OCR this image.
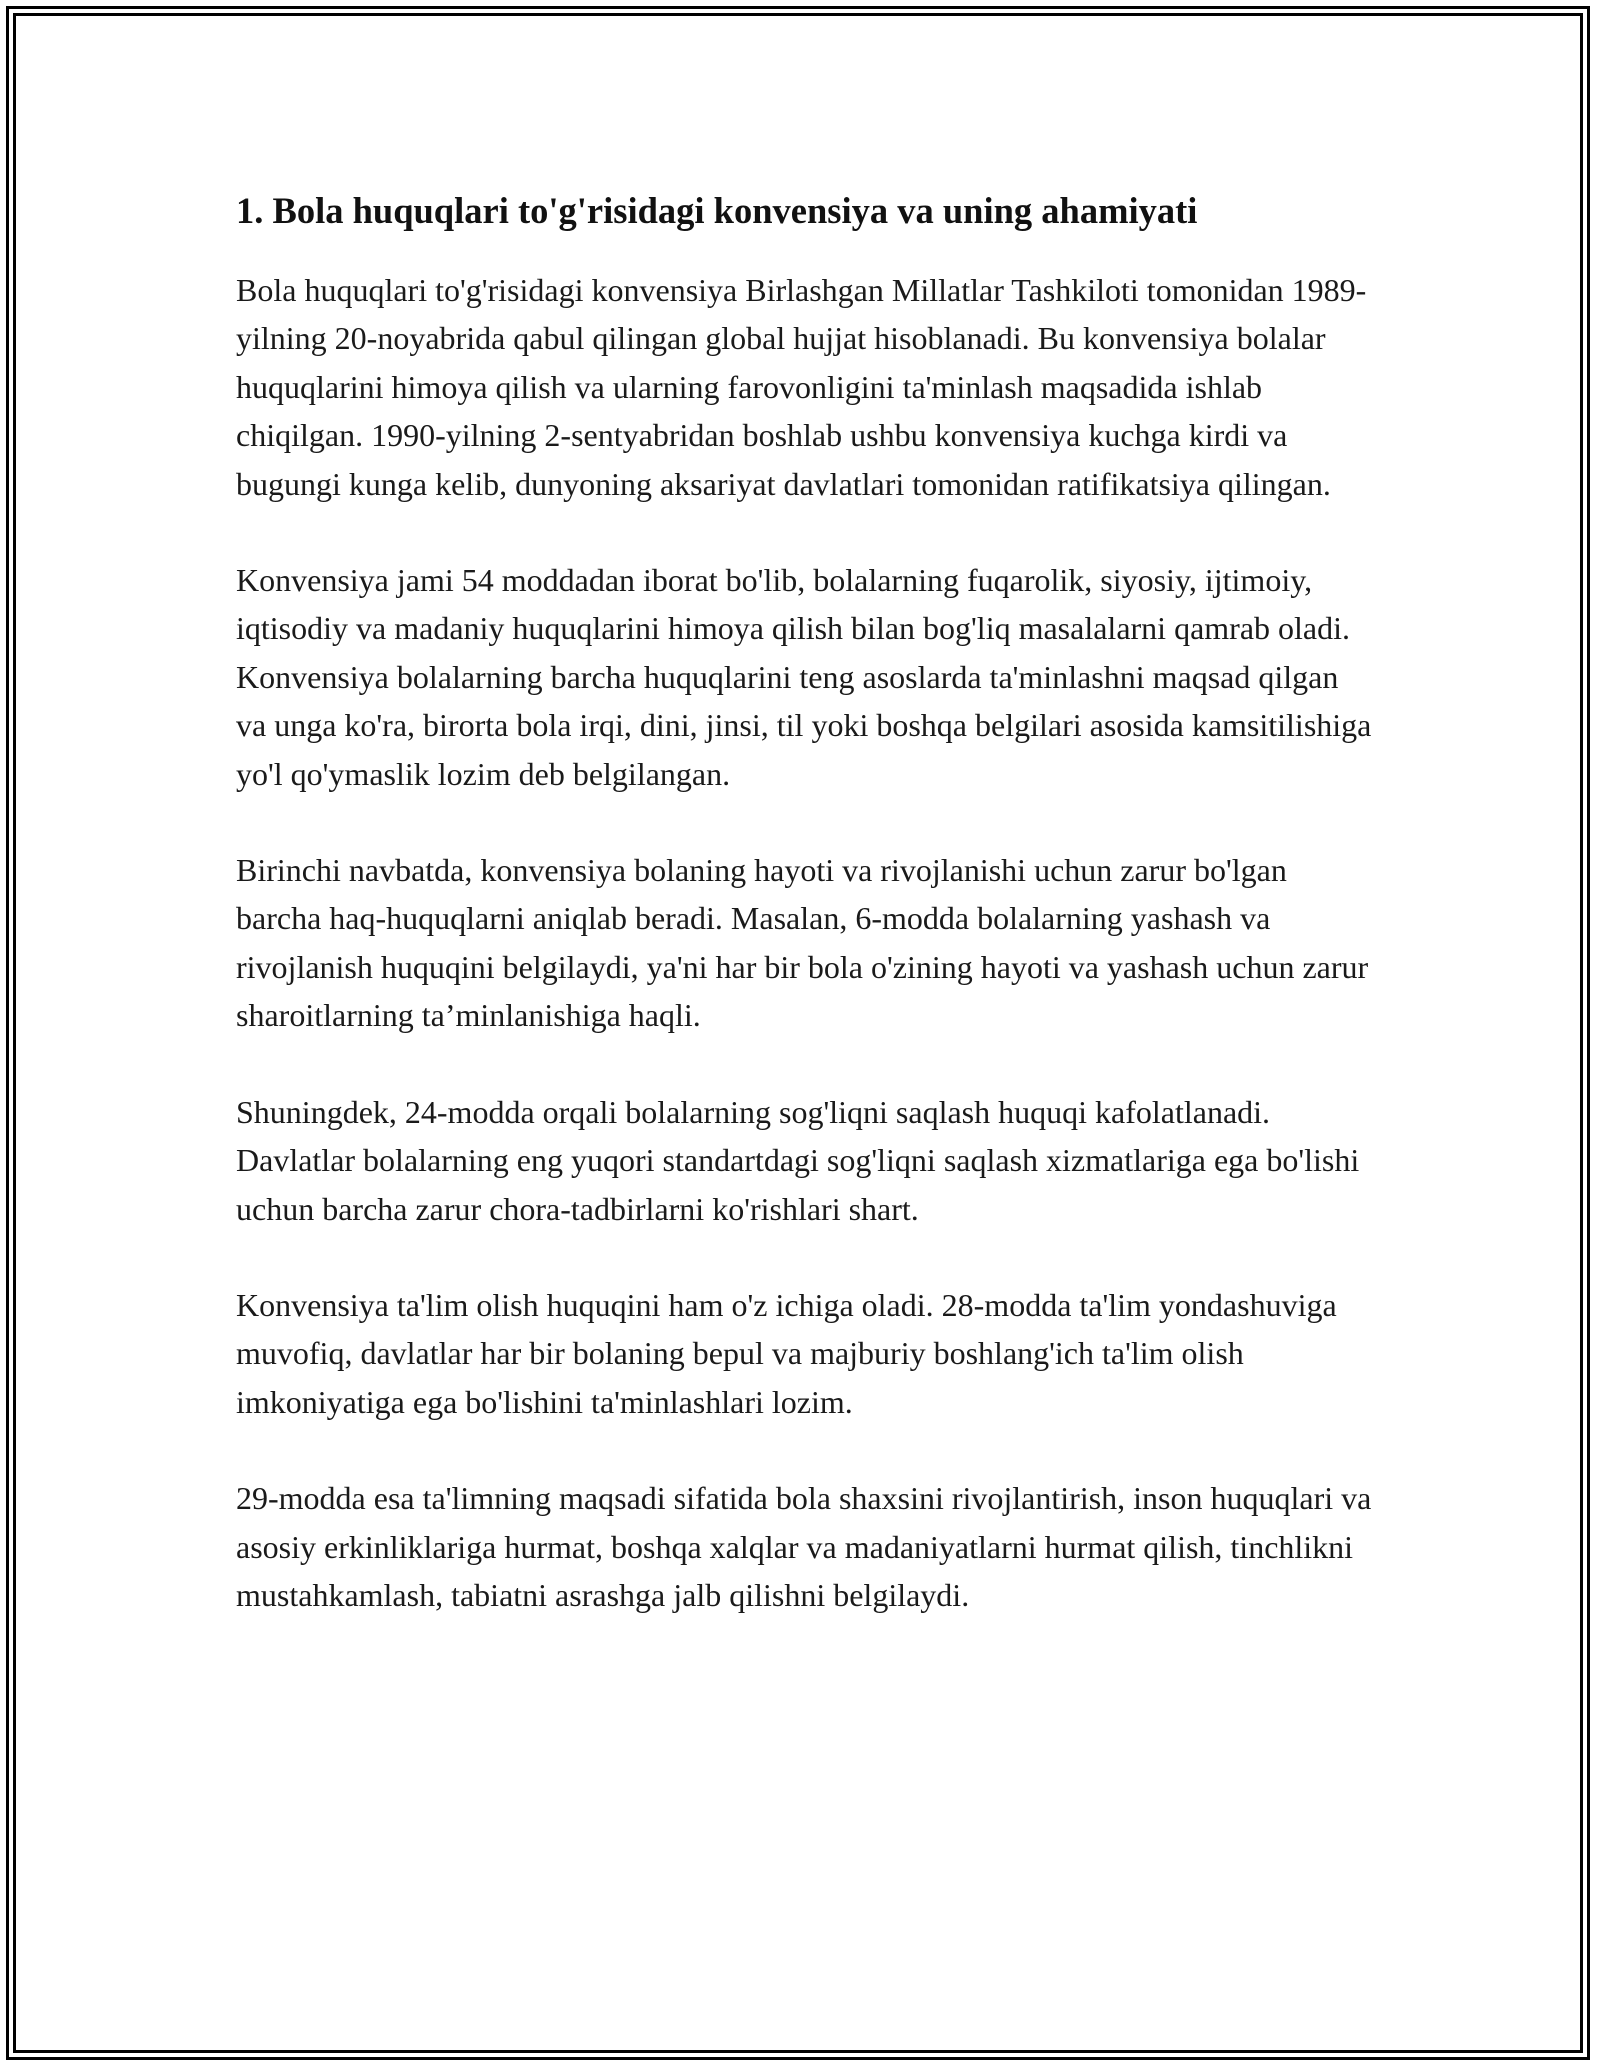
1. Bola huquqlari to'g'risidagi konvensiya va uning ahamiyati

Bola huquqlari to'g'risidagi konvensiya Birlashgan Millatlar Tashkiloti tomonidan 1989-yilning 20-noyabrida qabul qilingan global hujjat hisoblanadi. Bu konvensiya bolalar huquqlarini himoya qilish va ularning farovonligini ta'minlash maqsadida ishlab chiqilgan. 1990-yilning 2-sentyabridan boshlab ushbu konvensiya kuchga kirdi va bugungi kunga kelib, dunyoning aksariyat davlatlari tomonidan ratifikatsiya qilingan.

Konvensiya jami 54 moddadan iborat bo'lib, bolalarning fuqarolik, siyosiy, ijtimoiy, iqtisodiy va madaniy huquqlarini himoya qilish bilan bog'liq masalalarni qamrab oladi. Konvensiya bolalarning barcha huquqlarini teng asoslarda ta'minlashni maqsad qilgan va unga ko'ra, birorta bola irqi, dini, jinsi, til yoki boshqa belgilari asosida kamsitilishiga yo'l qo'ymaslik lozim deb belgilangan.

Birinchi navbatda, konvensiya bolaning hayoti va rivojlanishi uchun zarur bo'lgan barcha haq-huquqlarni aniqlab beradi. Masalan, 6-modda bolalarning yashash va rivojlanish huquqini belgilaydi, ya'ni har bir bola o'zining hayoti va yashash uchun zarur sharoitlarning ta’minlanishiga haqli.

Shuningdek, 24-modda orqali bolalarning sog'liqni saqlash huquqi kafolatlanadi. Davlatlar bolalarning eng yuqori standartdagi sog'liqni saqlash xizmatlariga ega bo'lishi uchun barcha zarur chora-tadbirlarni ko'rishlari shart.

Konvensiya ta'lim olish huquqini ham o'z ichiga oladi. 28-modda ta'lim yondashuviga muvofiq, davlatlar har bir bolaning bepul va majburiy boshlang'ich ta'lim olish imkoniyatiga ega bo'lishini ta'minlashlari lozim.

29-modda esa ta'limning maqsadi sifatida bola shaxsini rivojlantirish, inson huquqlari va asosiy erkinliklariga hurmat, boshqa xalqlar va madaniyatlarni hurmat qilish, tinchlikni mustahkamlash, tabiatni asrashga jalb qilishni belgilaydi.
